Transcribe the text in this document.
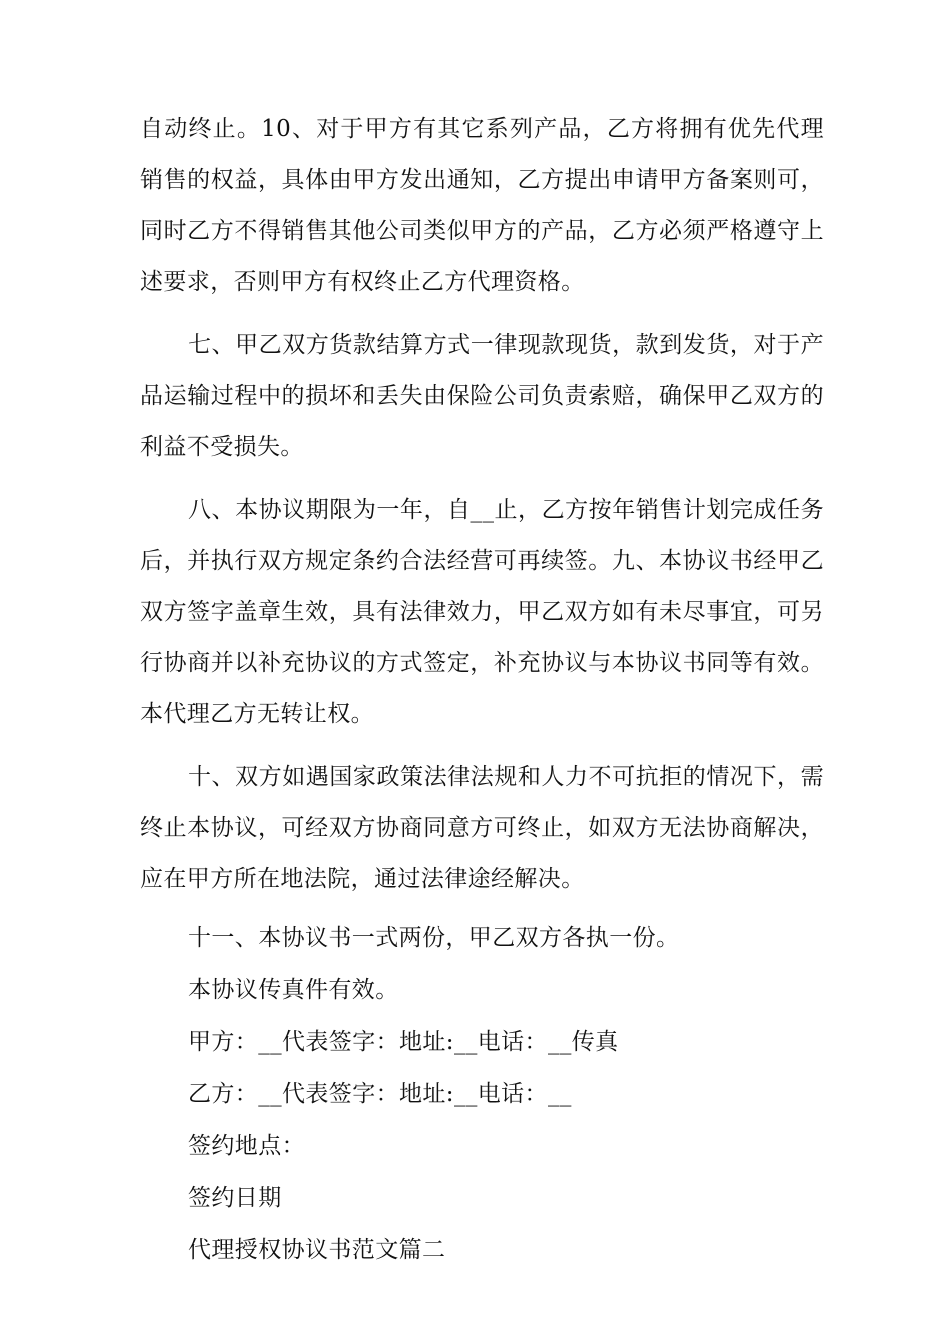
自动终止。10、对于甲方有其它系列产品，乙方将拥有优先代理销售的权益，具体由甲方发出通知，乙方提出申请甲方备案则可，同时乙方不得销售其他公司类似甲方的产品，乙方必须严格遵守上述要求，否则甲方有权终止乙方代理资格。

七、甲乙双方货款结算方式一律现款现货，款到发货，对于产品运输过程中的损坏和丢失由保险公司负责索赔，确保甲乙双方的利益不受损失。

八、本协议期限为一年，自__止，乙方按年销售计划完成任务后，并执行双方规定条约合法经营可再续签。九、本协议书经甲乙双方签字盖章生效，具有法律效力，甲乙双方如有未尽事宜，可另行协商并以补充协议的方式签定，补充协议与本协议书同等有效。本代理乙方无转让权。

十、双方如遇国家政策法律法规和人力不可抗拒的情况下，需终止本协议，可经双方协商同意方可终止，如双方无法协商解决，应在甲方所在地法院，通过法律途经解决。

十一、本协议书一式两份，甲乙双方各执一份。
本协议传真件有效。
甲方：__代表签字：地址:__电话：__传真
乙方：__代表签字：地址:__电话：__
签约地点：
签约日期
代理授权协议书范文篇二
